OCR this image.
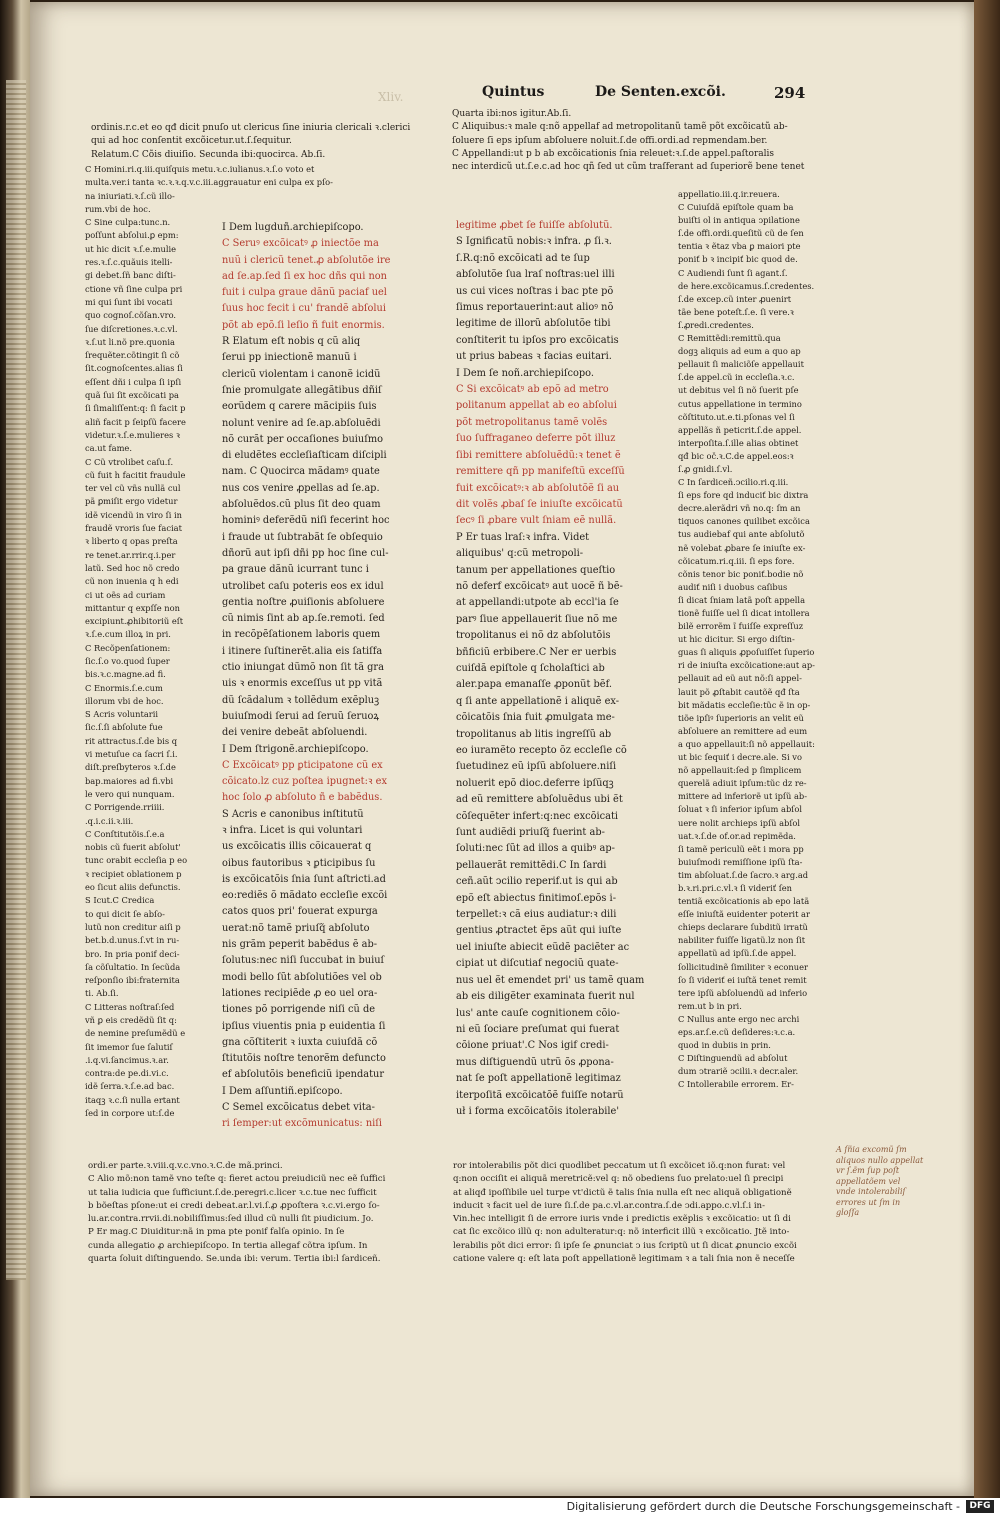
Xliv.	Quintus	De Senten.excõi.	294
ordinis.r.c.et eo qđ dicit pnuſo ut clericus ſine iniuria clericali ꝛ.clerici
qui ad hoc conſentit excõicetur.ut.ſ.ſequitur.
Relatum.C Cõis diuiſio. Secunda ibi:quocirca. Ab.ſi.
C Homini.ri.q.iii.quiſquis metu.ꝛ.c.iulianus.ꝛ.ſ.o voto et
multa.ver.i tanta ꝛc.ꝛ.ꝛ.q.v.c.iii.aggrauatur eni culpa ex pſo-
na iniuriati.ꝛ.ſ.cũ illo-
rum.vbi de hoc.
C Sine culpa:tunc.n.
poſſunt abſolui.ꝑ epm:
ut hic dicit ꝛ.ſ.e.mulie
res.ꝛ.ſ.c.quãuis itelli-
gi debet.ſñ banc diſti-
ctione vñ ſine culpa pri
mi qui ſunt ibi vocati
quo cognoſ.cõſan.vro.
ſue diſcretiones.ꝛ.c.vl.
ꝛ.ſ.ut li.nõ pre.quonia
ſrequẽter.cõtingit ſi cõ
ſit.cognoſcentes.alias ſi
eſſent dñi i culpa ſi ipſi
quã ſui ſit excõicati pa
ſi ſimaliſſent:q: ſi facit p
aliñ facit p ſeipſũ facere
videtur.ꝛ.ſ.e.mulieres ꝛ
ca.ut fame.
C Cũ vtrolibet caſu.ſ.
cũ fuit h facitit fraudule
ter vel cũ vñs nullã cul
pã ꝑmiſit ergo videtur
idẽ vicendũ in viro ſi in
fraudẽ vroris ſue faciat
ꝛ liberto q opas preſta
re tenet.ar.rrir.q.i.per
latũ. Sed hoc nõ credo
cũ non inuenia q h edi
ci ut oẽs ad curiam
mittantur q expſſe non
excipiunt.ꝓhibitoriũ eſt
ꝛ.ſ.e.cum illoꝝ in pri.
C Recõpenſationem:
ſic.ſ.o vo.quod ſuper
bis.ꝛ.c.magne.ad fi.
C Enormis.ſ.e.cum
illorum vbi de hoc.
S Acris voluntarii
ſic.ſ.ſi abſolute fue
rit attractus.ſ.de bis q
vi metuſue ca ſacri ſ.i.
diſt.preſbyteros ꝛ.ſ.de
bap.maiores ad fi.vbi
le vero qui nunquam.
C Porrigende.rriiii.
.q.i.c.ii.ꝛ.iii.
C Conſtitutõis.ſ.e.a
nobis cũ fuerit abſolut'
tunc orabit eccleſia p eo
ꝛ recipiet oblationem p
eo ſicut aliis defunctis.
S Icut.C Credica
to qui dicit ſe abſo-
lutũ non creditur aiſi p
bet.b.d.unus.ſ.vt in ru-
bro. In pria ponif deci-
ſa cõſultatio. In ſecũda
reſponſio ibi:fraternita
ti. Ab.ſi.
C Litteras noſtraſ:ſed
vñ ꝑ eis credẽdũ ſit q:
de nemine preſumẽdũ e
ſit imemor ſue ſalutiſ
.i.q.vi.ſancimus.ꝛ.ar.
contra:de pe.di.vi.c.
idẽ ſerra.ꝛ.ſ.e.ad bac.
itaqꝫ ꝛ.c.ſi nulla ertant
ſed in corpore ut:ſ.de
I Dem lugduñ.archiepiſcopo.
C Seruꝰ excõicatꝰ ꝓ iniectõe ma
nuũ i clericũ tenet.ꝓ abſolutõe ire
ad ſe.ap.ſed ſi ex hoc dñs qui non
fuit i culpa graue dãnũ paciaf uel
ſuus hoc fecit i cu' frandẽ abſolui
põt ab epõ.ſi leſio ñ fuit enormis.
R Elatum eſt nobis q cũ aliq
ſerui pp iniectionẽ manuũ i
clericũ violentam i canonẽ icidũ
ſnie promulgate allegãtibus dñiſ
eorũdem q carere mãcipiis ſuis
nolunt venire ad ſe.ap.abſoluẽdi
nõ curãt per occaſiones buiuſmo
di eludẽtes eccleſiaſticam diſcipli
nam. C Quocirca mãdamꝰ quate
nus cos venire ꝓpellas ad ſe.ap.
abſoluẽdos.cũ plus ſit deo quam
hominiꝰ deferẽdũ niſi fecerint hoc
i fraude ut ſubtrabãt ſe obſequio
dñorũ aut ipſi dñi pp hoc ſine cul-
pa graue dãnũ icurrant tunc i
utrolibet caſu poteris eos ex idul
gentia noſtre ꝓuiſionis abſoluere
cũ nimis ſint ab ap.ſe.remoti. ſed
in recõpẽſationem laboris quem
i itinere ſuſtinerẽt.alia eis ſatiſfa
ctio iniungat dũmõ non ſit tã gra
uis ꝛ enormis exceſſus ut pp vitã
dũ ſcãdalum ꝛ tollẽdum exẽpluꝫ
buiuſmodi ſerui ad ſeruũ ſeruoꝝ
dei venire debeãt abſoluendi.
I Dem ſtrigonẽ.archiepiſcopo.
C Excõicatꝰ pp ꝑticipatone cũ ex
cõicato.lz cuz poſtea ipugnet:ꝛ ex
hoc ſolo ꝓ abſoluto ñ e babẽdus.
S Acris e canonibus inſtitutũ
ꝛ infra. Licet is qui voluntari
us excõicatis illis cõicauerat q
oibus fautoribus ꝛ ꝑticipibus ſu
is excõicatõis ſnia ſunt aſtricti.ad
eo:rediẽs õ mãdato eccleſie excõi
catos quos pri' fouerat expurga
uerat:nõ tamẽ priuſq̃ abſoluto
nis grãm peperit babẽdus ẽ ab-
ſolutus:nec niſi ſuccubat in buiuſ
modi bello ſũt abſolutiões vel ob
lationes recipiẽde ꝓ eo uel ora-
tiones põ porrigende niſi cũ de
ipſius viuentis pnia p euidentia ſi
gna cõſtiterit ꝛ iuxta cuiuſdã cõ
ſtitutõis noſtre tenorẽm defuncto
ef abſolutõis beneficiũ ipendatur
I Dem aſſuntiñ.epiſcopo.
C Semel excõicatus debet vita-
ri ſemper:ut excõmunicatus: niſi
Quarta ibi:nos igitur.Ab.ſi.
C Aliquibus:ꝛ male q:nõ appellaf ad metropolitanũ tamẽ põt excõicatũ ab-
ſoluere ſi eps ipſum abſoluere noluit.ſ.de offi.ordi.ad repmendam.ber.
C Appellandi:ut p b ab excõicationis ſnia releuet:ꝛ.ſ.de appel.paſtoralis
nec interdicũ ut.ſ.e.c.ad hoc qñ ſed ut cũm traſferant ad ſuperiorẽ bene tenet
legitime ꝓbet ſe fuiſſe abſolutũ.
S Ignificatũ nobis:ꝛ infra. ꝓ ſi.ꝛ.
ſ.R.q:nõ excõicati ad te ſup
abſolutõe ſua lraſ noſtras:uel illi
us cui vices noſtras i bac pte põ
ſimus reportauerint:aut alioꝰ nõ
legitime de illorũ abſolutõe tibi
conſtiterit tu ipſos pro excõicatis
ut prius babeas ꝛ facias euitari.
I Dem ſe noñ.archiepiſcopo.
C Si excõicatꝰ ab epõ ad metro
politanum appellat ab eo abſolui
põt metropolitanus tamẽ volẽs
ſuo ſuffraganeo deferre põt illuz
ſibi remittere abſoluẽdũ:ꝛ tenet ẽ
remittere qñ pp manifeſtũ exceſſũ
fuit excõicatꝰ:ꝛ ab abſolutõẽ ſi au
dit volẽs ꝓbaſ ſe iniuſte excõicatũ
ſecꝰ ſi ꝓbare vult ſniam eẽ nullã.
P Er tuas lraſ:ꝛ infra. Videt
aliquibus' q:cũ metropoli-
tanum per appellationes queſtio
nõ deferf excõicatꝰ aut uocẽ ñ bẽ-
at appellandi:utpote ab eccl'ia ſe
parꝰ ſiue appellauerit ſiue nõ me
tropolitanus ei nõ dz abſolutõis
bñficiũ erbibere.C Ner er uerbis
cuiſdã epiſtole q ſcholaſtici ab
aler.papa emanaſſe ꝓponũt bẽf.
q ſi ante appellationẽ i aliquẽ ex-
cõicatõis ſnia fuit ꝓmulgata me-
tropolitanus ab litis ingreſſũ ab
eo iuramẽto recepto õz eccleſie cõ
ſuetudinez eũ ipſũ abſoluere.niſi
noluerit epõ dioc.deferre ipſũqꝫ
ad eũ remittere abſoluẽdus ubi ẽt
cõſequẽter infert:q:nec excõicati
ſunt audiẽdi priuſq̃ fuerint ab-
ſoluti:nec ſũt ad illos a quibꝰ ap-
pellauerãt remittẽdi.C In ſardi
ceñ.aũt ↄcilio reperif.ut is qui ab
epõ eſt abiectus finitimoſ.epõs i-
terpellet:ꝛ cã eius audiatur:ꝛ dili
gentius ꝓtractet ẽps aũt qui iuſte
uel iniuſte abiecit eũdẽ paciẽter ac
cipiat ut diſcutiaf negociũ quate-
nus uel ẽt emendet pri' us tamẽ quam
ab eis diligẽter examinata fuerit nul
lus' ante cauſe cognitionem cõio-
ni eũ ſociare preſumat qui fuerat
cõione priuat'.C Nos igif credi-
mus diſtiguendũ utrũ õs ꝓpona-
nat ſe poſt appellationẽ legitimaz
iterpoſitã excõicatõẽ fuiſſe notarũ
uł i forma excõicatõis itolerabile'
appellatio.iii.q.ir.reuera.
C Cuiuſdã epiſtole quam ba
buiſti ol in antiqua ↄpilatione
ſ.de offi.ordi.queſitũ cũ de ſen
tentia ꝛ ẽtaz vba ꝑ maiori pte
poniť b ꝛ incipiť bic quod de.
C Audiendi ſunt ſi agant.ſ.
de here.excõicamus.ſ.credentes.
ſ.de excep.cũ inter ꝓuenirt
tãe bene poteſt.ſ.e. ſi vere.ꝛ
ſ.ꝓredi.credentes.
C Remittẽdi:remittũ.qua
dogꝫ aliquis ad eum a quo ap
pellauit ſi maliciõſe appellauit
ſ.de appel.cũ in eccleſia.ꝛ.c.
ut debitus vel ſi nõ ſuerit pſe
cutus appellatione in termino
cõſtituto.ut.e.ti.pſonas vel ſi
appellãs ñ peticrit.ſ.de appel.
interpoſita.ſ.ille alias obtinet
qđ bic oč.ꝛ.C.de appel.eos:ꝛ
ſ.ꝓ gnidi.ſ.vl.
C In ſardiceñ.ↄcilio.ri.q.iii.
ſi eps fore qd induciť bic dixtra
decre.alerãdri vñ no.q: ſm an
tiquos canones quilibet excõica
tus audiebaf qui ante abſolutõ
nẽ volebat ꝓbare ſe iniuſte ex-
cõicatum.ri.q.iii. ſi eps fore.
cõnis tenor bic poniť.bodie nõ
audiť niſi i duobus caſibus
ſi dicat ſniam latã poſt appella
tionẽ fuiſſe uel ſi dicat intollera
bilẽ errorẽm ĩ fuiſſe expreſſuz
ut hic dicitur. Si ergo diſtin-
guas ſi aliquis ꝓpoſuiſſet ſuperio
ri de iniuſta excõicatione:aut ap-
pellauit ad eũ aut nõ:ſi appel-
lauit põ ꝓſtabit cautõẽ qđ ſta
bit mãdatis eccleſie:tũc ẽ in op-
tiõe ipſiꝰ ſuperioris an velit eũ
abſoluere an remittere ad eum
a quo appellauit:ſi nõ appellauit:
ut bic ſequiť i decre.ale. Si vo
nõ appellauit:ſed p ſimplicem
querelã adiuit ipſum:tũc dz re-
mittere ad inferiorẽ ut ipſũ ab-
ſoluat ꝛ ſi inferior ipſum abſol
uere nolit archieps ipſũ abſol
uat.ꝛ.ſ.de of.or.ad repimẽda.
ſi tamẽ periculũ eẽt i mora pp
buiuſmodi remiſſione ipſũ ſta-
tim abſoluat.ſ.de ſacro.ꝛ arg.ad
b.ꝛ.ri.pri.c.vl.ꝛ ſi videriť ſen
tentiã excõicationis ab epo latã
eſſe iniuſtã euidenter poterit ar
chieps declarare ſubditũ irratũ
nabiliter fuiſſe ligatũ.lz non ſit
appellatũ ad ipſũ.ſ.de appel.
ſollicitudinẽ ſimiliter ꝛ econuer
ſo ſi videriť ei iuſtã tenet remit
tere ipſũ abſoluendũ ad inferio
rem.ut b in pri.
C Nullus ante ergo nec archi
eps.ar.ſ.e.cũ deſideres:ꝛ.c.a.
quod in dubiis in prin.
C Diſtinguendũ ad abſolut
dum ↄtrariẽ ↄcilii.ꝛ decr.aler.
C Intollerabile errorem. Er-
ordi.er parte.ꝛ.viii.q.v.c.vno.ꝛ.C.de mã.princi.
C Alio mõ:non tamẽ vno teſte q: fieret actou preiudiciũ nec eẽ ſuffici
ut talia iudicia que ſufficiunt.ſ.de.peregri.c.licer ꝛ.c.tue nec ſufficit
b bõeſtas pſone:ut ei credi debeat.ar.l.vi.ſ.ꝓ ꝓpoſtera ꝛ.c.vi.ergo ſo-
lu.ar.contra.rrvii.di.nobiliſſimus:ſed illud cũ nulli ſit piudicium. Jo.
P Er mag.C Diuiditur:nã in pma pte ponif falſa opinio. In ſe
cunda allegatio ꝓ archiepiſcopo. In tertia allegaf cõtra ipſum. In
quarta ſoluit diſtinguendo. Se.unda ibi: verum. Tertia ibi:l ſardiceñ.
ror intolerabilis põt dici quodlibet peccatum ut ſi excõicet iõ.q:non furat: vel
q:non occiſit ei aliquã meretricẽ:vel q: nõ obediens ſuo prelato:uel ſi precipi
at aliqđ ipoſſibile uel turpe vt'dictũ ẽ talis ſnia nulla eſt nec aliquã obligationẽ
inducit ꝛ facit uel de iure ſi.ſ.de pa.c.vl.ar.contra.ſ.de ↄdi.appo.c.vl.ſ.i in-
Vin.hec intelligit ſi de errore iuris vnde i predictis exẽplis ꝛ excõicatio: ut ſi di
cat ſic excõico illũ q: non adulteratur:q: nõ interficit illũ ꝛ excõicatio. Jtẽ into-
lerabilis põt dici error: ſi ipſe ſe ꝓnunciat ↄ ius ſcriptũ ut ſi dicat ꝓnuncio excõi
catione valere q: eſt lata poſt appellationẽ legitimam ꝛ a tali ſnia non ẽ neceſſe
A ſñia excomũ ſm
aliquos nullo appellat
vr ſ.ẽm ſup poſt
appellatõem vel
vnde intolerabiliſ
errores ut ſm in
gloſſa
Digitalisierung gefördert durch die Deutsche Forschungsgemeinschaft -	DFG
